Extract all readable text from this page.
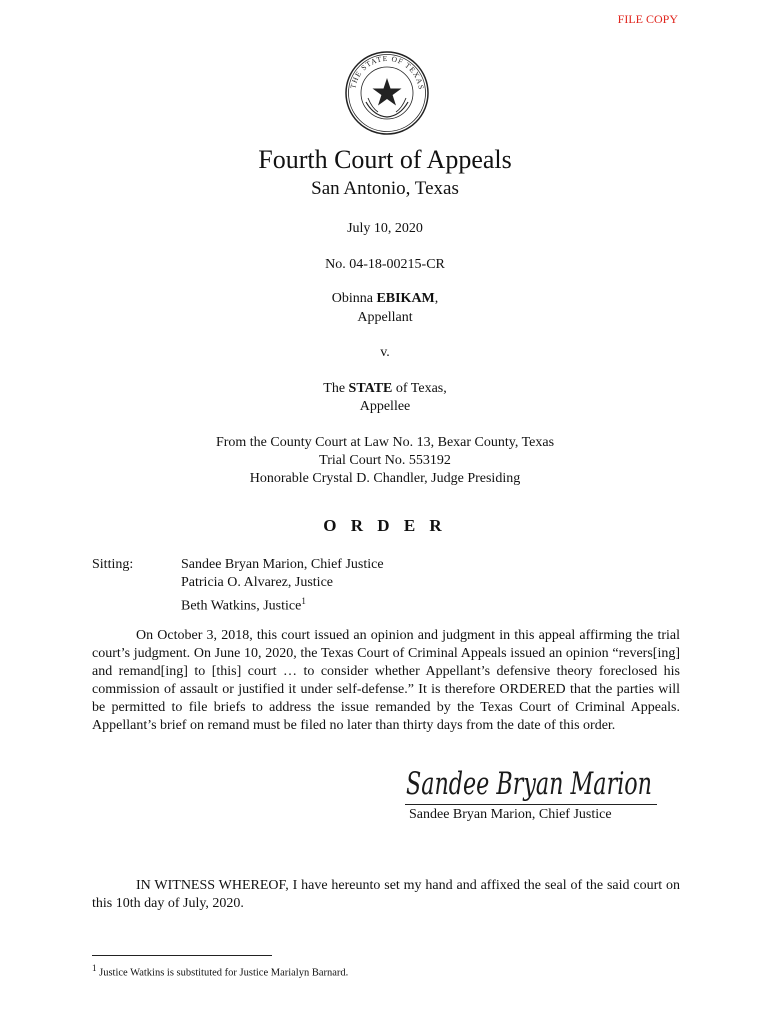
FILE COPY
THE STATE OF TEXAS
Fourth Court of Appeals
San Antonio, Texas
July 10, 2020
No. 04-18-00215-CR
Obinna EBIKAM,
Appellant
v.
The STATE of Texas,
Appellee
From the County Court at Law No. 13, Bexar County, Texas
Trial Court No. 553192
Honorable Crystal D. Chandler, Judge Presiding
O R D E R
Sitting:	Sandee Bryan Marion, Chief Justice
Patricia O. Alvarez, Justice
Beth Watkins, Justice$^1$
On October 3, 2018, this court issued an opinion and judgment in this appeal affirming the trial court’s judgment. On June 10, 2020, the Texas Court of Criminal Appeals issued an opinion “revers[ing] and remand[ing] to [this] court … to consider whether Appellant’s defensive theory foreclosed his commission of assault or justified it under self-defense.” It is therefore ORDERED that the parties will be permitted to file briefs to address the issue remanded by the Texas Court of Criminal Appeals. Appellant’s brief on remand must be filed no later than thirty days from the date of this order.
Sandee Bryan Marion
Sandee Bryan Marion, Chief Justice
IN WITNESS WHEREOF, I have hereunto set my hand and affixed the seal of the said court on this 10th day of July, 2020.
$^1$ Justice Watkins is substituted for Justice Marialyn Barnard.
